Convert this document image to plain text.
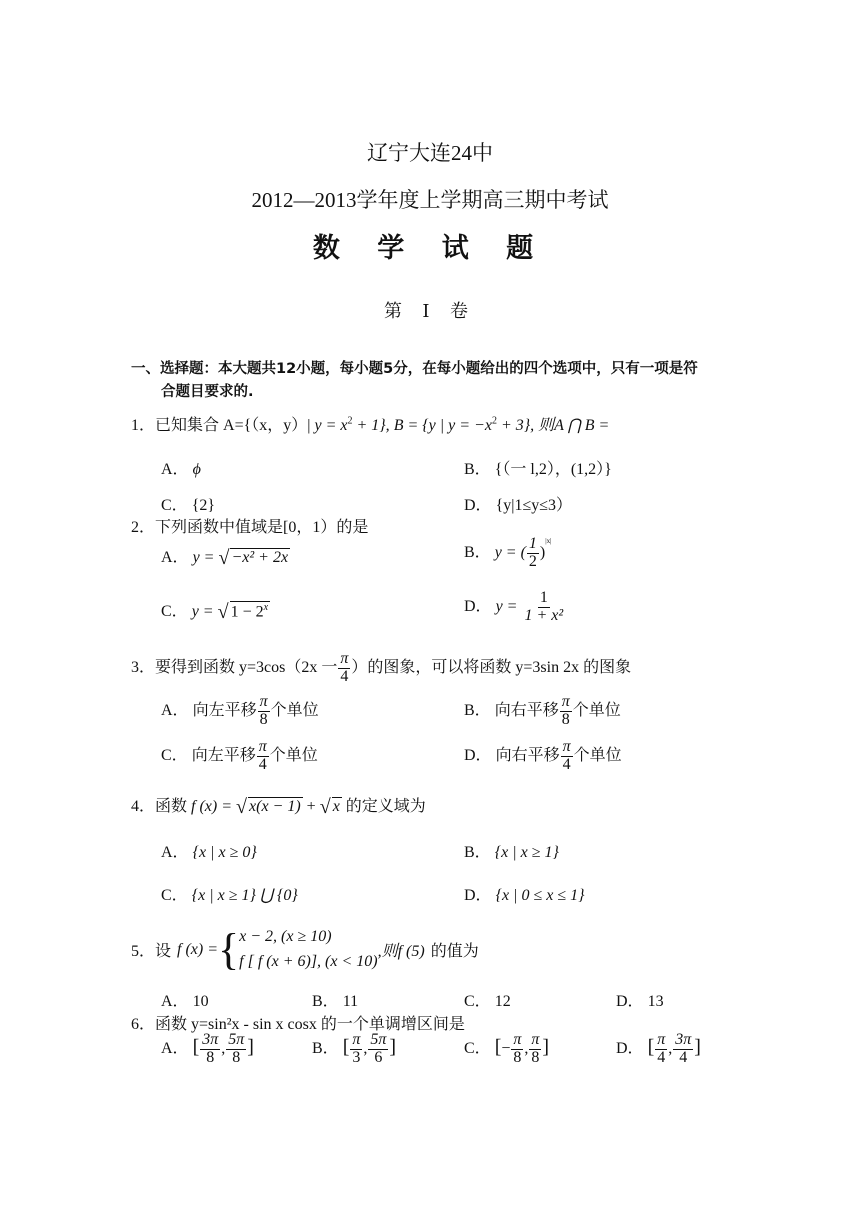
辽宁大连24中
2012—2013学年度上学期高三期中考试
数 学 试 题
第 Ⅰ 卷
一、选择题：本大题共12小题，每小题5分，在每小题给出的四个选项中，只有一项是符
合题目要求的.
1．已知集合 A={（x，y）| $y = x^2 + 1$}, B = {y | $y = -x^2 + 3$}, 则A ⋂ B =
A． ϕ	B． {（一 l,2），(1,2）}
C． {2}	D． {y|1≤y≤3）
2．下列函数中值域是[0，1）的是
A． y = √ −x² + 2x	B． y = ( $\frac{1}{2} )^{|x|}$
C． y = √ $1 - 2^x$	D． $y = \frac{1}{\text{1 + x²}}$
3．要得到函数 y=3cos（2x 一 $\frac{\pi}{4}$ ）的图象，可以将函数 y=3sin 2x 的图象
A． 向左平移 $\frac{\pi}{8}$ 个单位	B． 向右平移 $\frac{\pi}{8}$ 个单位
C． 向左平移 $\frac{\pi}{4}$ 个单位	D． 向右平移 $\frac{\pi}{4}$ 个单位
4．函数 f (x) = √ x(x − 1) + √ x 的定义域为
A． {x | x ≥ 0}	B． {x | x ≥ 1}
C． {x | x ≥ 1} ⋃ {0}	D． {x | 0 ≤ x ≤ 1}
5． 设 f (x) = { x − 2, (x ≥ 10)
f [ f (x + 6)], (x < 10)
,则f (5) 的值为
A． 10	B． 11	C． 12	D． 13
6．函数 y=sin²x - sin x cosx 的一个单调增区间是
A． [ $\frac{3\pi}{8}$ , $\frac{5\pi}{8}$ ]	B． [ $\frac{\pi}{3}$ , $\frac{5\pi}{6}$ ]	C． [− $\frac{\pi}{8}$ , $\frac{\pi}{8}$ ]	D． [ $\frac{\pi}{4}$ , $\frac{3\pi}{4}$ ]
